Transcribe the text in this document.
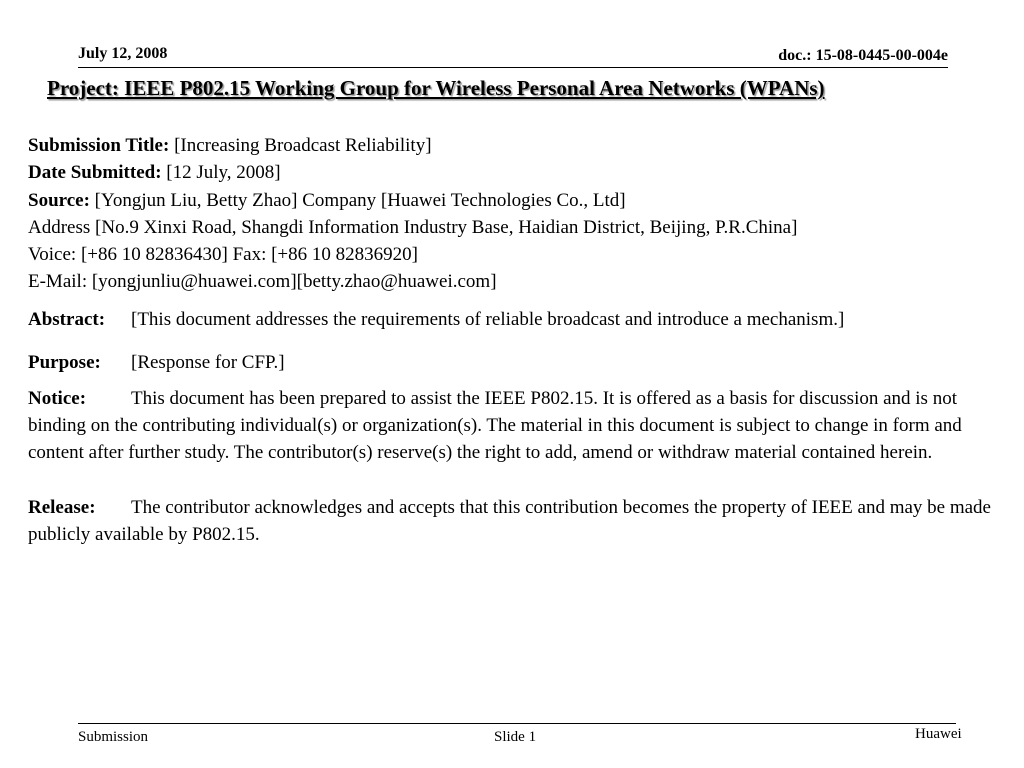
July 12, 2008	doc.: 15-08-0445-00-004e
Project: IEEE P802.15 Working Group for Wireless Personal Area Networks (WPANs)
Submission Title: [Increasing Broadcast Reliability]
Date Submitted: [12 July, 2008]
Source: [Yongjun Liu, Betty Zhao] Company [Huawei Technologies Co., Ltd]
Address [No.9 Xinxi Road, Shangdi Information Industry Base, Haidian District, Beijing, P.R.China]
Voice: [+86 10 82836430] Fax: [+86 10 82836920]
E-Mail: [yongjunliu@huawei.com][betty.zhao@huawei.com]
Abstract: [This document addresses the requirements of reliable broadcast and introduce a mechanism.]
Purpose: [Response for CFP.]
Notice: This document has been prepared to assist the IEEE P802.15. It is offered as a basis for discussion and is not binding on the contributing individual(s) or organization(s). The material in this document is subject to change in form and content after further study. The contributor(s) reserve(s) the right to add, amend or withdraw material contained herein.
Release: The contributor acknowledges and accepts that this contribution becomes the property of IEEE and may be made publicly available by P802.15.
Submission	Slide 1	Huawei
